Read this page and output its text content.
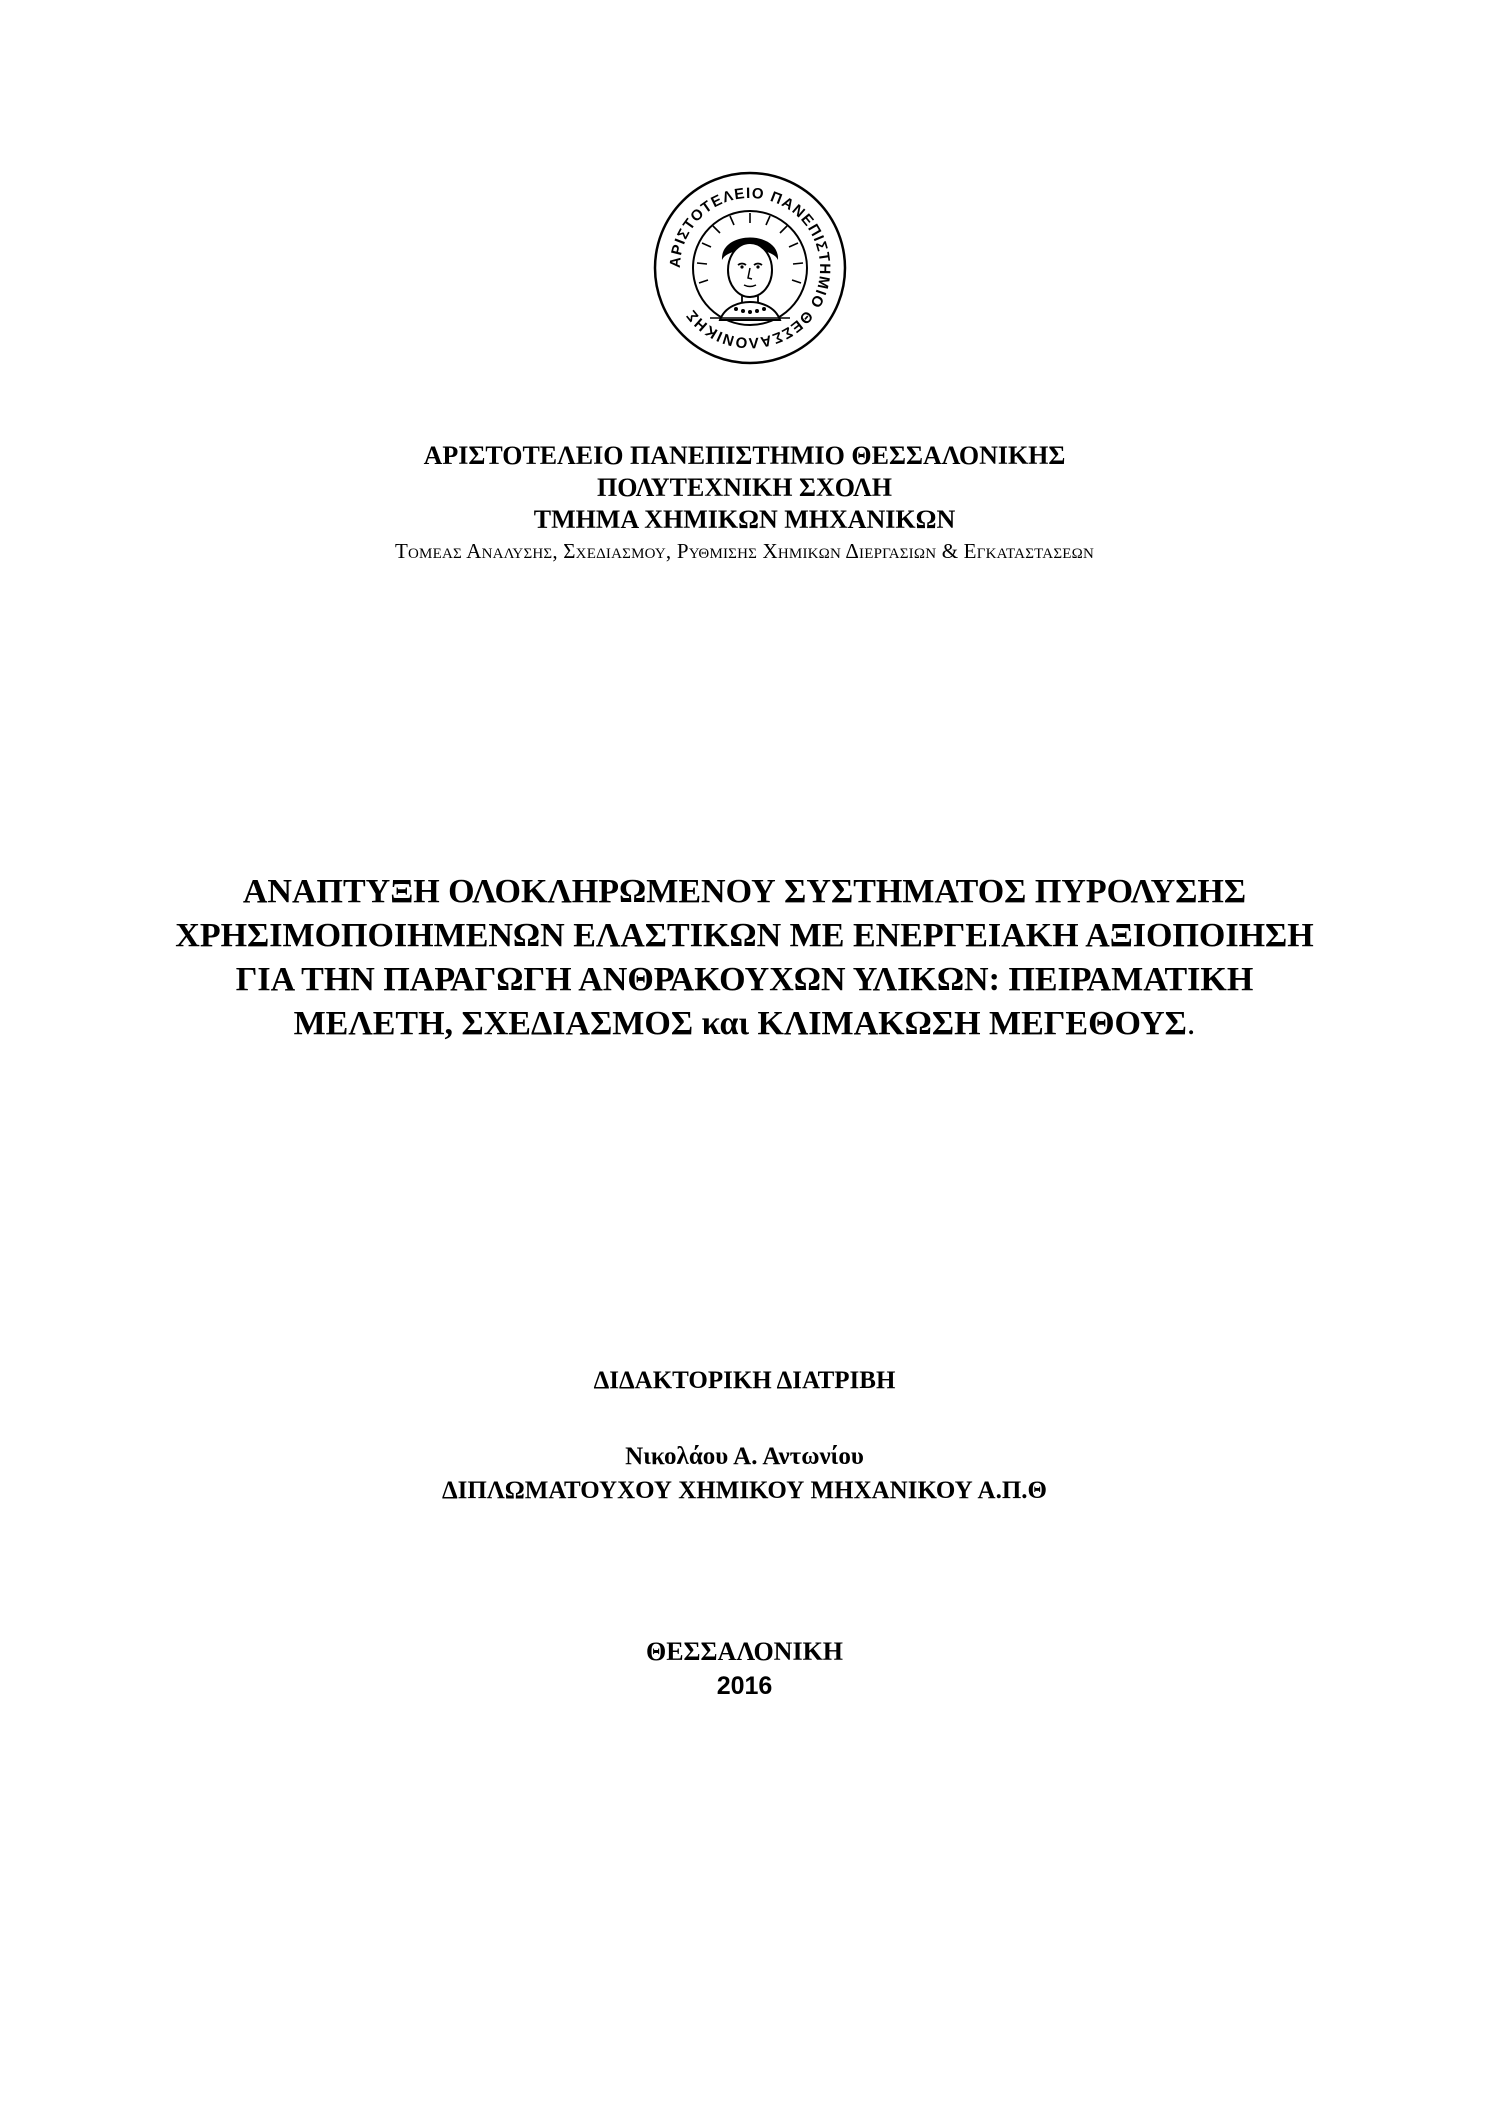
ΑΡΙΣΤΟΤΕΛΕΙΟ ΠΑΝΕΠΙΣΤΗΜΙΟ ΘΕΣΣΑΛΟΝΙΚΗΣ
ΑΡΙΣΤΟΤΕΛΕΙΟ ΠΑΝΕΠΙΣΤΗΜΙΟ ΘΕΣΣΑΛΟΝΙΚΗΣ
ΠΟΛΥΤΕΧΝΙΚΗ ΣΧΟΛΗ
ΤΜΗΜΑ ΧΗΜΙΚΩΝ ΜΗΧΑΝΙΚΩΝ
Τομεας Αναλυσης, Σχεδιασμου, Ρυθμισης Χημικων Διεργασιων & Εγκαταστασεων
ΑΝΑΠΤΥΞΗ ΟΛΟΚΛΗΡΩΜΕΝΟΥ ΣΥΣΤΗΜΑΤΟΣ ΠΥΡΟΛΥΣΗΣ
ΧΡΗΣΙΜΟΠΟΙΗΜΕΝΩΝ ΕΛΑΣΤΙΚΩΝ ΜΕ ΕΝΕΡΓΕΙΑΚΗ ΑΞΙΟΠΟΙΗΣΗ
ΓΙΑ ΤΗΝ ΠΑΡΑΓΩΓΗ ΑΝΘΡΑΚΟΥΧΩΝ ΥΛΙΚΩΝ: ΠΕΙΡΑΜΑΤΙΚΗ
ΜΕΛΕΤΗ, ΣΧΕΔΙΑΣΜΟΣ και ΚΛΙΜΑΚΩΣΗ ΜΕΓΕΘΟΥΣ.
ΔΙΔΑΚΤΟΡΙΚΗ ΔΙΑΤΡΙΒΗ
Νικολάου Α. Αντωνίου
ΔΙΠΛΩΜΑΤΟΥΧΟΥ ΧΗΜΙΚΟΥ ΜΗΧΑΝΙΚΟΥ Α.Π.Θ
ΘΕΣΣΑΛΟΝΙΚΗ
2016
